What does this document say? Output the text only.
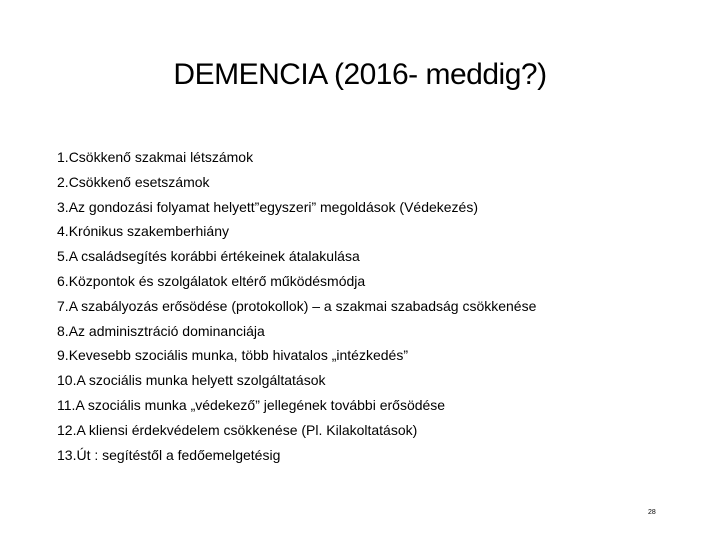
DEMENCIA (2016- meddig?)
1.Csökkenő szakmai létszámok
2.Csökkenő esetszámok
3.Az gondozási folyamat helyett”egyszeri” megoldások (Védekezés)
4.Krónikus szakemberhiány
5.A családsegítés korábbi értékeinek átalakulása
6.Központok és szolgálatok eltérő működésmódja
7.A szabályozás erősödése (protokollok) – a szakmai szabadság csökkenése
8.Az adminisztráció dominanciája
9.Kevesebb szociális munka, több hivatalos „intézkedés”
10.A szociális munka helyett szolgáltatások
11.A szociális munka „védekező” jellegének további erősödése
12.A kliensi érdekvédelem csökkenése (Pl. Kilakoltatások)
13.Út : segítéstől a fedőemelgetésig
28
